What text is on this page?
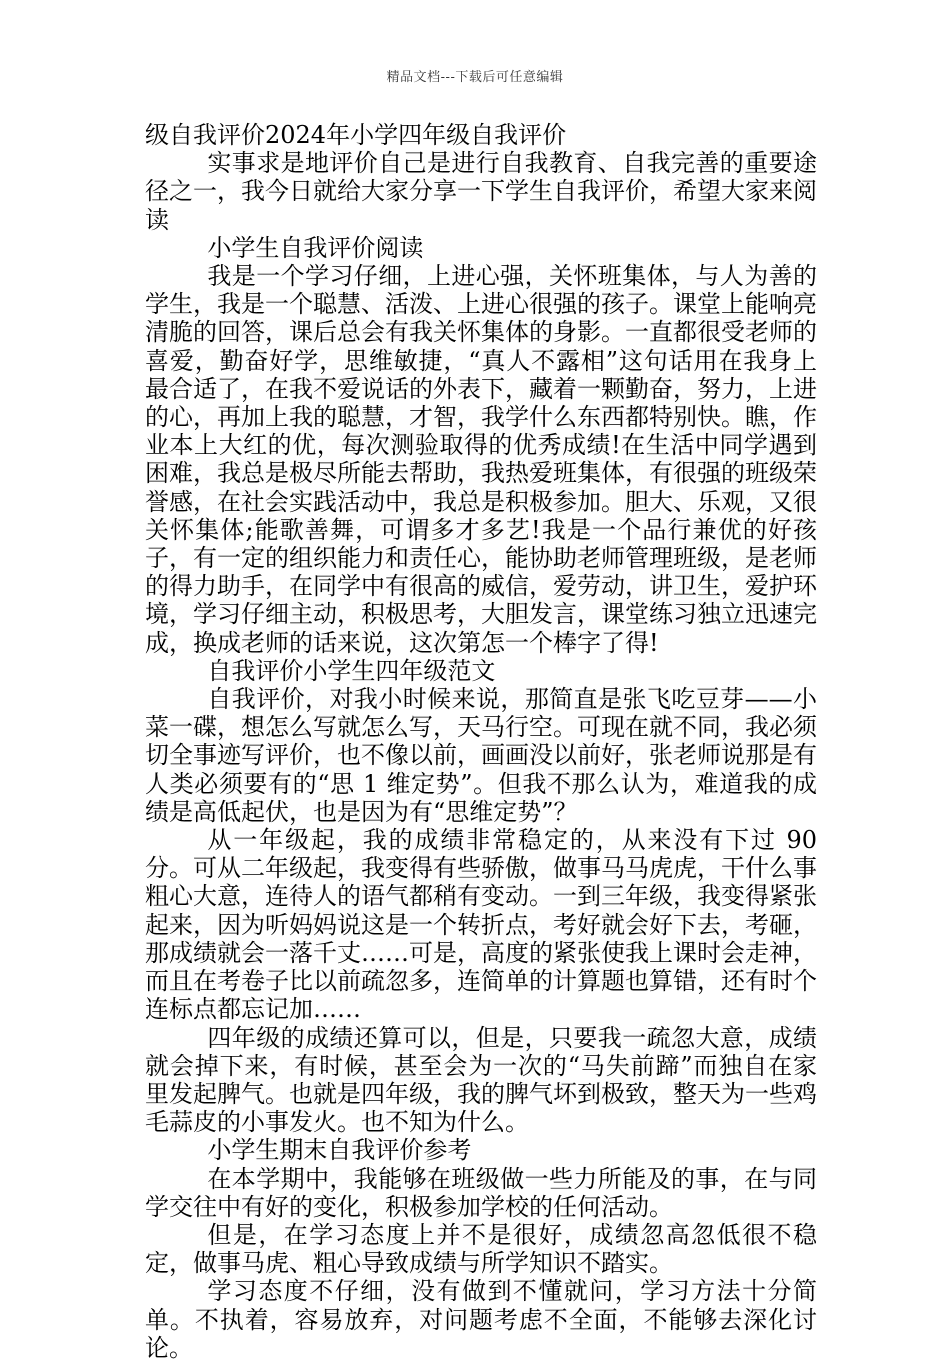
精品文档---下载后可任意编辑

级自我评价2024年小学四年级自我评价

实事求是地评价自己是进行自我教育、自我完善的重要途径之一，我今日就给大家分享一下学生自我评价，希望大家来阅读

小学生自我评价阅读

我是一个学习仔细，上进心强，关怀班集体，与人为善的学生，我是一个聪慧、活泼、上进心很强的孩子。课堂上能响亮清脆的回答，课后总会有我关怀集体的身影。一直都很受老师的喜爱，勤奋好学，思维敏捷，“真人不露相”这句话用在我身上最合适了，在我不爱说话的外表下，藏着一颗勤奋，努力，上进的心，再加上我的聪慧，才智，我学什么东西都特别快。瞧，作业本上大红的优，每次测验取得的优秀成绩!在生活中同学遇到困难，我总是极尽所能去帮助，我热爱班集体，有很强的班级荣誉感，在社会实践活动中，我总是积极参加。胆大、乐观，又很关怀集体;能歌善舞，可谓多才多艺!我是一个品行兼优的好孩子，有一定的组织能力和责任心，能协助老师管理班级，是老师的得力助手，在同学中有很高的威信，爱劳动，讲卫生，爱护环境，学习仔细主动，积极思考，大胆发言，课堂练习独立迅速完成，换成老师的话来说，这次第怎一个棒字了得!

自我评价小学生四年级范文

自我评价，对我小时候来说，那简直是张飞吃豆芽——小菜一碟，想怎么写就怎么写，天马行空。可现在就不同，我必须切全事迹写评价，也不像以前，画画没以前好，张老师说那是有人类必须要有的“思 1 维定势”。但我不那么认为，难道我的成绩是高低起伏，也是因为有“思维定势”？

从一年级起，我的成绩非常稳定的，从来没有下过 90 分。可从二年级起，我变得有些骄傲，做事马马虎虎，干什么事粗心大意，连待人的语气都稍有变动。一到三年级，我变得紧张起来，因为听妈妈说这是一个转折点，考好就会好下去，考砸，那成绩就会一落千丈……可是，高度的紧张使我上课时会走神，而且在考卷子比以前疏忽多，连简单的计算题也算错，还有时个连标点都忘记加……

四年级的成绩还算可以，但是，只要我一疏忽大意，成绩就会掉下来，有时候，甚至会为一次的“马失前蹄”而独自在家里发起脾气。也就是四年级，我的脾气坏到极致，整天为一些鸡毛蒜皮的小事发火。也不知为什么。

小学生期末自我评价参考

在本学期中，我能够在班级做一些力所能及的事，在与同学交往中有好的变化，积极参加学校的任何活动。

但是，在学习态度上并不是很好，成绩忽高忽低很不稳定，做事马虎、粗心导致成绩与所学知识不踏实。

学习态度不仔细，没有做到不懂就问，学习方法十分简单。不执着，容易放弃，对问题考虑不全面，不能够去深化讨论。
